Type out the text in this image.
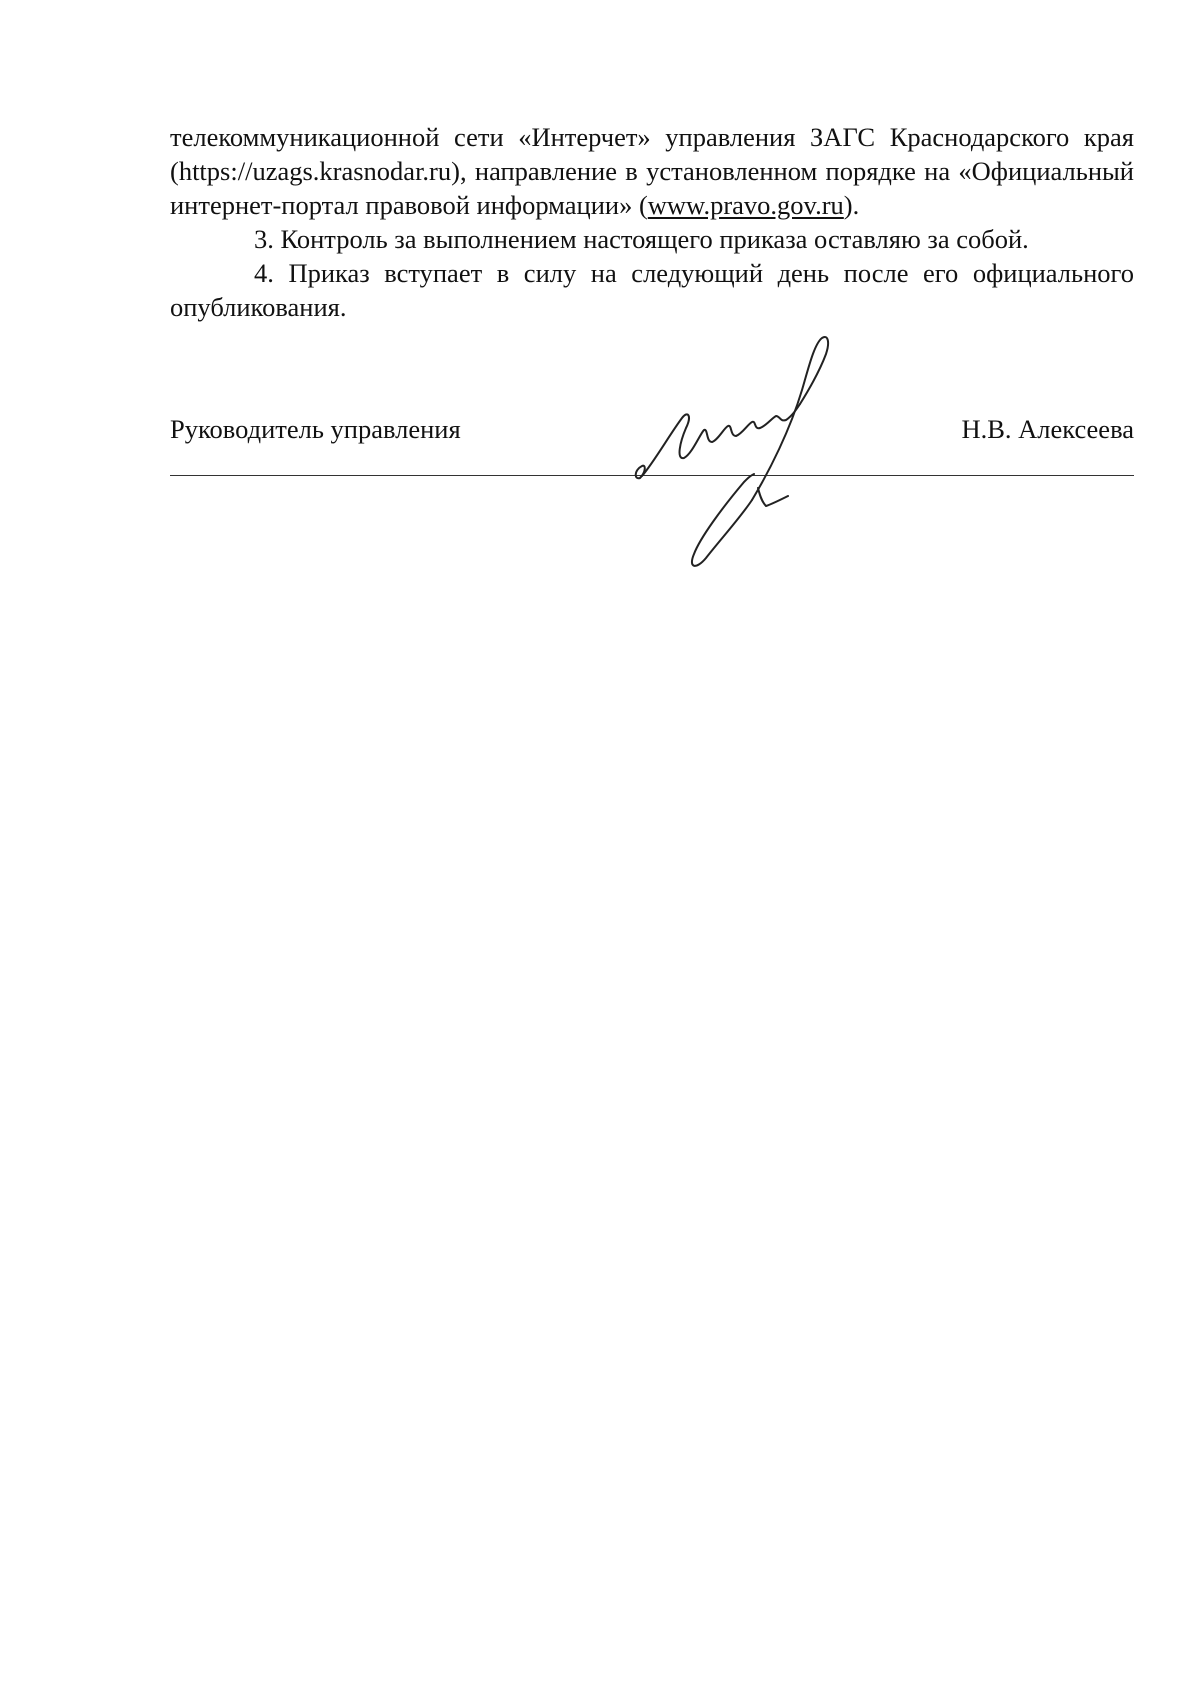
телекоммуникационной сети «Интерчет» управления ЗАГС Краснодарского края (https://uzags.krasnodar.ru), направление в установленном порядке на «Официальный интернет-портал правовой информации» (www.pravo.gov.ru).

3. Контроль за выполнением настоящего приказа оставляю за собой.

4. Приказ вступает в силу на следующий день после его официального опубликования.

Руководитель управления	Н.В. Алексеева
